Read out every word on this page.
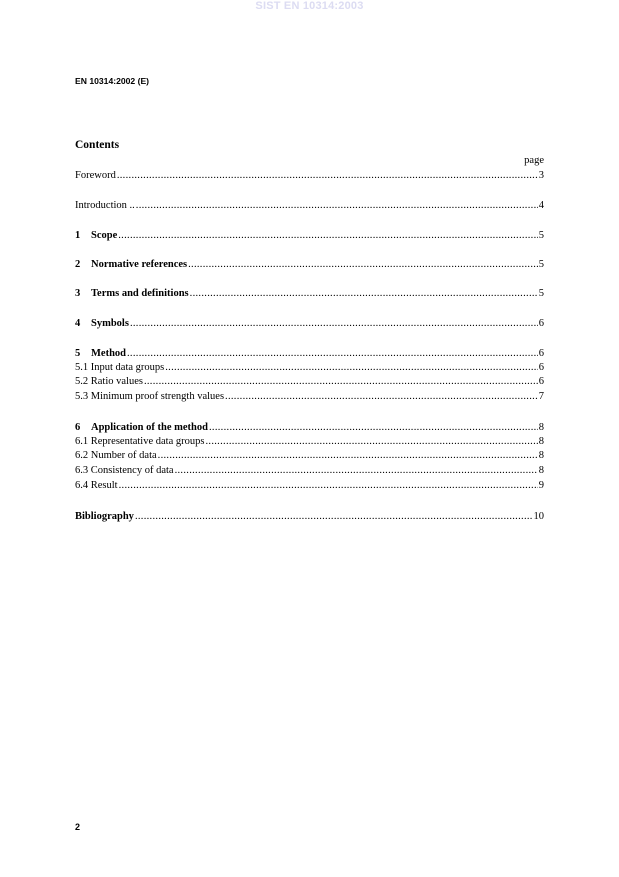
SIST EN 10314:2003
EN 10314:2002 (E)
Contents
page
Foreword .....	3
Introduction .. .....	4
1 Scope .....	5
2 Normative references .....	5
3 Terms and definitions .....	5
4 Symbols .....	6
5 Method .....	6
5.1 Input data groups .....	6
5.2 Ratio values .....	6
5.3 Minimum proof strength values .....	7
6 Application of the method .....	8
6.1 Representative data groups .....	8
6.2 Number of data .....	8
6.3 Consistency of data .....	8
6.4 Result .....	9
Bibliography .....	10
2
